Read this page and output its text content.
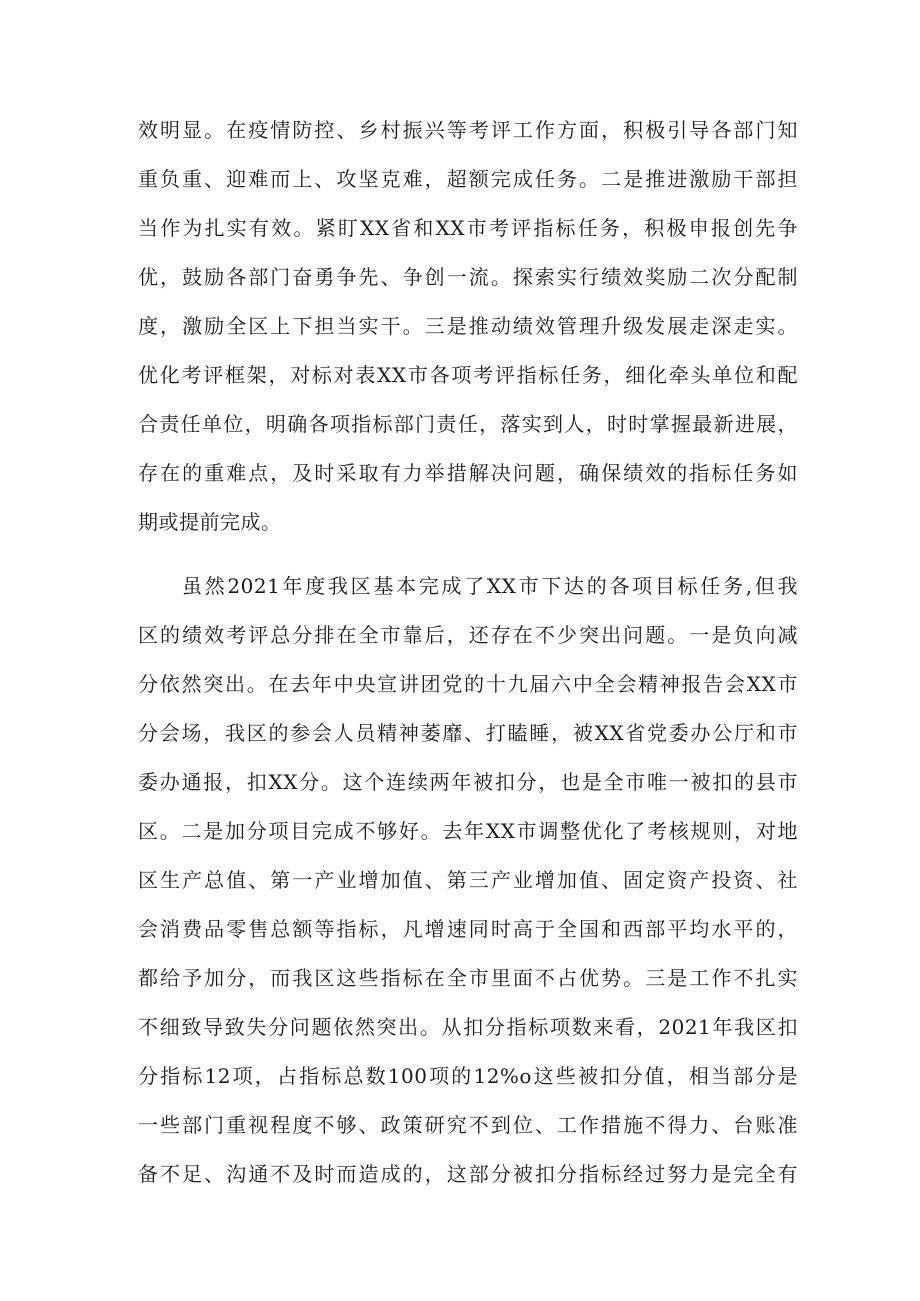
效明显。在疫情防控、乡村振兴等考评工作方面，积极引导各部门知
重负重、迎难而上、攻坚克难，超额完成任务。二是推进激励干部担
当作为扎实有效。紧盯XX省和XX市考评指标任务，积极申报创先争
优，鼓励各部门奋勇争先、争创一流。探索实行绩效奖励二次分配制
度，激励全区上下担当实干。三是推动绩效管理升级发展走深走实。
优化考评框架，对标对表XX市各项考评指标任务，细化牵头单位和配
合责任单位，明确各项指标部门责任，落实到人，时时掌握最新进展，
存在的重难点，及时采取有力举措解决问题，确保绩效的指标任务如
期或提前完成。
虽然2021年度我区基本完成了XX市下达的各项目标任务,但我
区的绩效考评总分排在全市靠后，还存在不少突出问题。一是负向减
分依然突出。在去年中央宣讲团党的十九届六中全会精神报告会XX市
分会场，我区的参会人员精神萎靡、打瞌睡，被XX省党委办公厅和市
委办通报，扣XX分。这个连续两年被扣分，也是全市唯一被扣的县市
区。二是加分项目完成不够好。去年XX市调整优化了考核规则，对地
区生产总值、第一产业增加值、第三产业增加值、固定资产投资、社
会消费品零售总额等指标，凡增速同时高于全国和西部平均水平的，
都给予加分，而我区这些指标在全市里面不占优势。三是工作不扎实
不细致导致失分问题依然突出。从扣分指标项数来看，2021年我区扣
分指标12项，占指标总数100项的12%o这些被扣分值，相当部分是
一些部门重视程度不够、政策研究不到位、工作措施不得力、台账准
备不足、沟通不及时而造成的，这部分被扣分指标经过努力是完全有
